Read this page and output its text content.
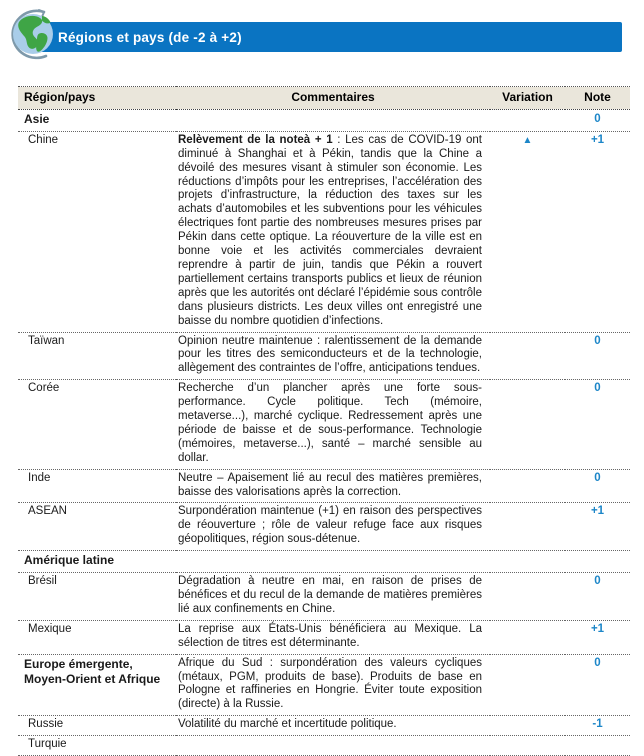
Régions et pays (de -2 à +2)
Région/pays	Commentaires	Variation	Note
Asie			0
Chine	Relèvement de la noteà + 1 : Les cas de COVID-19 ont diminué à Shanghai et à Pékin, tandis que la Chine a dévoilé des mesures visant à stimuler son économie. Les réductions d’impôts pour les entreprises, l’accélération des projets d’infrastructure, la réduction des taxes sur les achats d’automobiles et les subventions pour les véhicules électriques font partie des nombreuses mesures prises par Pékin dans cette optique. La réouverture de la ville est en bonne voie et les activités commerciales devraient reprendre à partir de juin, tandis que Pékin a rouvert partiellement certains transports publics et lieux de réunion après que les autorités ont déclaré l’épidémie sous contrôle dans plusieurs districts. Les deux villes ont enregistré une baisse du nombre quotidien d’infections.	▲	+1
Taïwan	Opinion neutre maintenue : ralentissement de la demande pour les titres des semiconducteurs et de la technologie, allègement des contraintes de l’offre, anticipations tendues.		0
Corée	Recherche d’un plancher après une forte sous-performance. Cycle politique. Tech (mémoire, metaverse...), marché cyclique. Redressement après une période de baisse et de sous-performance. Technologie (mémoires, metaverse...), santé – marché sensible au dollar.		0
Inde	Neutre – Apaisement lié au recul des matières premières, baisse des valorisations après la correction.		0
ASEAN	Surpondération maintenue (+1) en raison des perspectives de réouverture ; rôle de valeur refuge face aux risques géopolitiques, région sous-détenue.		+1
Amérique latine			
Brésil	Dégradation à neutre en mai, en raison de prises de bénéfices et du recul de la demande de matières premières lié aux confinements en Chine.		0
Mexique	La reprise aux États-Unis bénéficiera au Mexique. La sélection de titres est déterminante.		+1
Europe émergente, Moyen-Orient et Afrique	Afrique du Sud : surpondération des valeurs cycliques (métaux, PGM, produits de base). Produits de base en Pologne et raffineries en Hongrie. Éviter toute exposition (directe) à la Russie.		0
Russie	Volatilité du marché et incertitude politique.		-1
Turquie			
